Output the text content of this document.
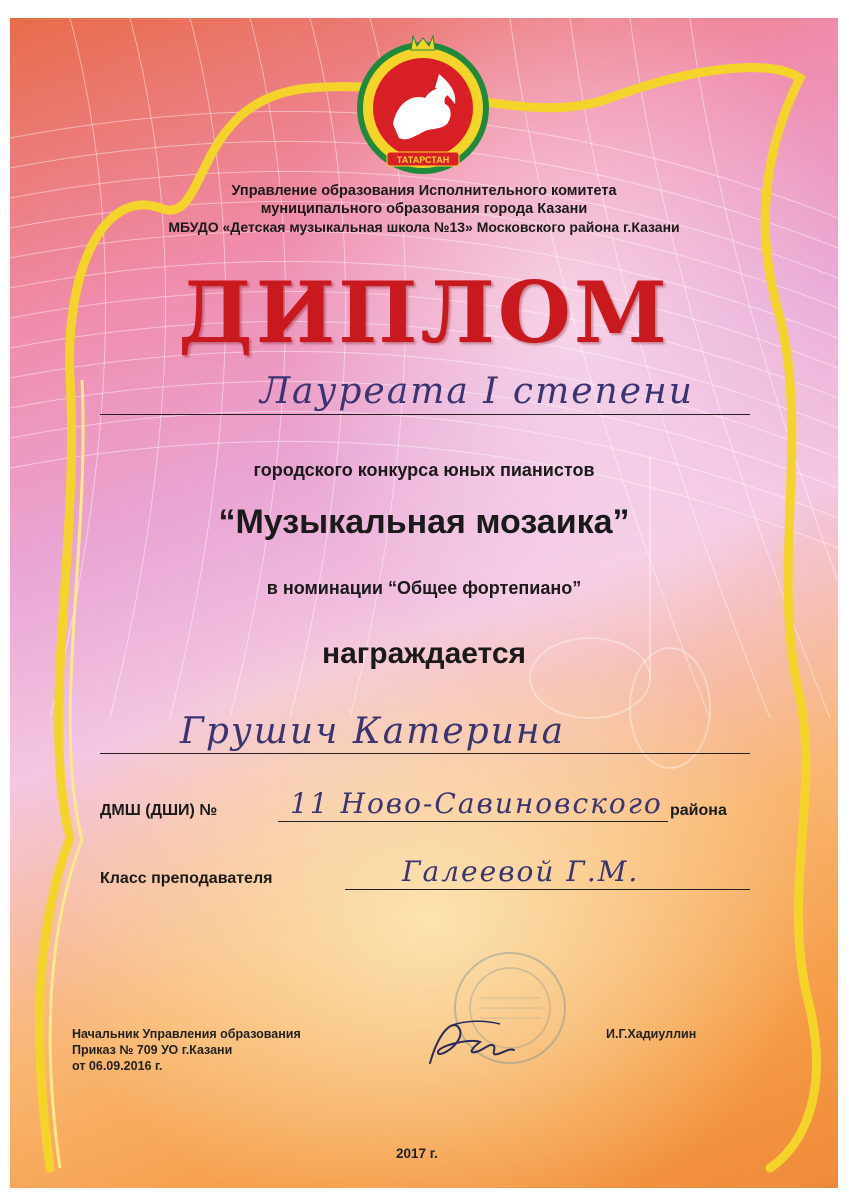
ТАТАРСТАН
Управление образования Исполнительного комитета
муниципального образования города Казани
МБУДО «Детская музыкальная школа №13» Московского района г.Казани
ДИПЛОМ
Лауреата I степени
городского конкурса юных пианистов
“Музыкальная мозаика”
в номинации “Общее фортепиано”
награждается
Грушич Катерина
ДМШ (ДШИ) №	11 Ново-Савиновского района
Класс преподавателя	Галеевой Г.М.
Начальник Управления образования
Приказ № 709 УО г.Казани
от 06.09.2016 г.
И.Г.Хадиуллин
2017 г.
